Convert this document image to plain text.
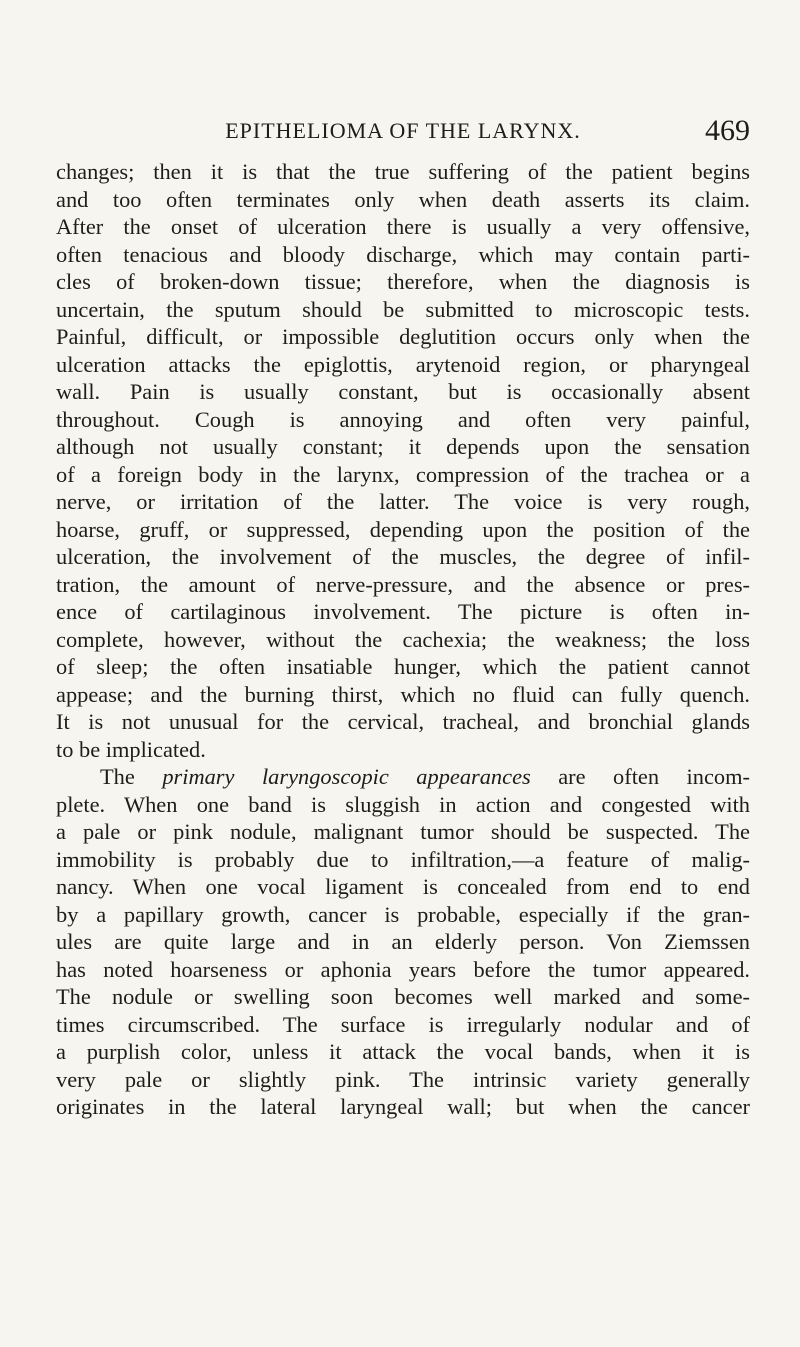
EPITHELIOMA OF THE LARYNX.	469
changes; then it is that the true suffering of the patient begins
and too often terminates only when death asserts its claim.
After the onset of ulceration there is usually a very offensive,
often tenacious and bloody discharge, which may contain parti-
cles of broken-down tissue; therefore, when the diagnosis is
uncertain, the sputum should be submitted to microscopic tests.
Painful, difficult, or impossible deglutition occurs only when the
ulceration attacks the epiglottis, arytenoid region, or pharyngeal
wall. Pain is usually constant, but is occasionally absent
throughout. Cough is annoying and often very painful,
although not usually constant; it depends upon the sensation
of a foreign body in the larynx, compression of the trachea or a
nerve, or irritation of the latter. The voice is very rough,
hoarse, gruff, or suppressed, depending upon the position of the
ulceration, the involvement of the muscles, the degree of infil-
tration, the amount of nerve-pressure, and the absence or pres-
ence of cartilaginous involvement. The picture is often in-
complete, however, without the cachexia; the weakness; the loss
of sleep; the often insatiable hunger, which the patient cannot
appease; and the burning thirst, which no fluid can fully quench.
It is not unusual for the cervical, tracheal, and bronchial glands
to be implicated.
The primary laryngoscopic appearances are often incom-
plete. When one band is sluggish in action and congested with
a pale or pink nodule, malignant tumor should be suspected. The
immobility is probably due to infiltration,—a feature of malig-
nancy. When one vocal ligament is concealed from end to end
by a papillary growth, cancer is probable, especially if the gran-
ules are quite large and in an elderly person. Von Ziemssen
has noted hoarseness or aphonia years before the tumor appeared.
The nodule or swelling soon becomes well marked and some-
times circumscribed. The surface is irregularly nodular and of
a purplish color, unless it attack the vocal bands, when it is
very pale or slightly pink. The intrinsic variety generally
originates in the lateral laryngeal wall; but when the cancer
